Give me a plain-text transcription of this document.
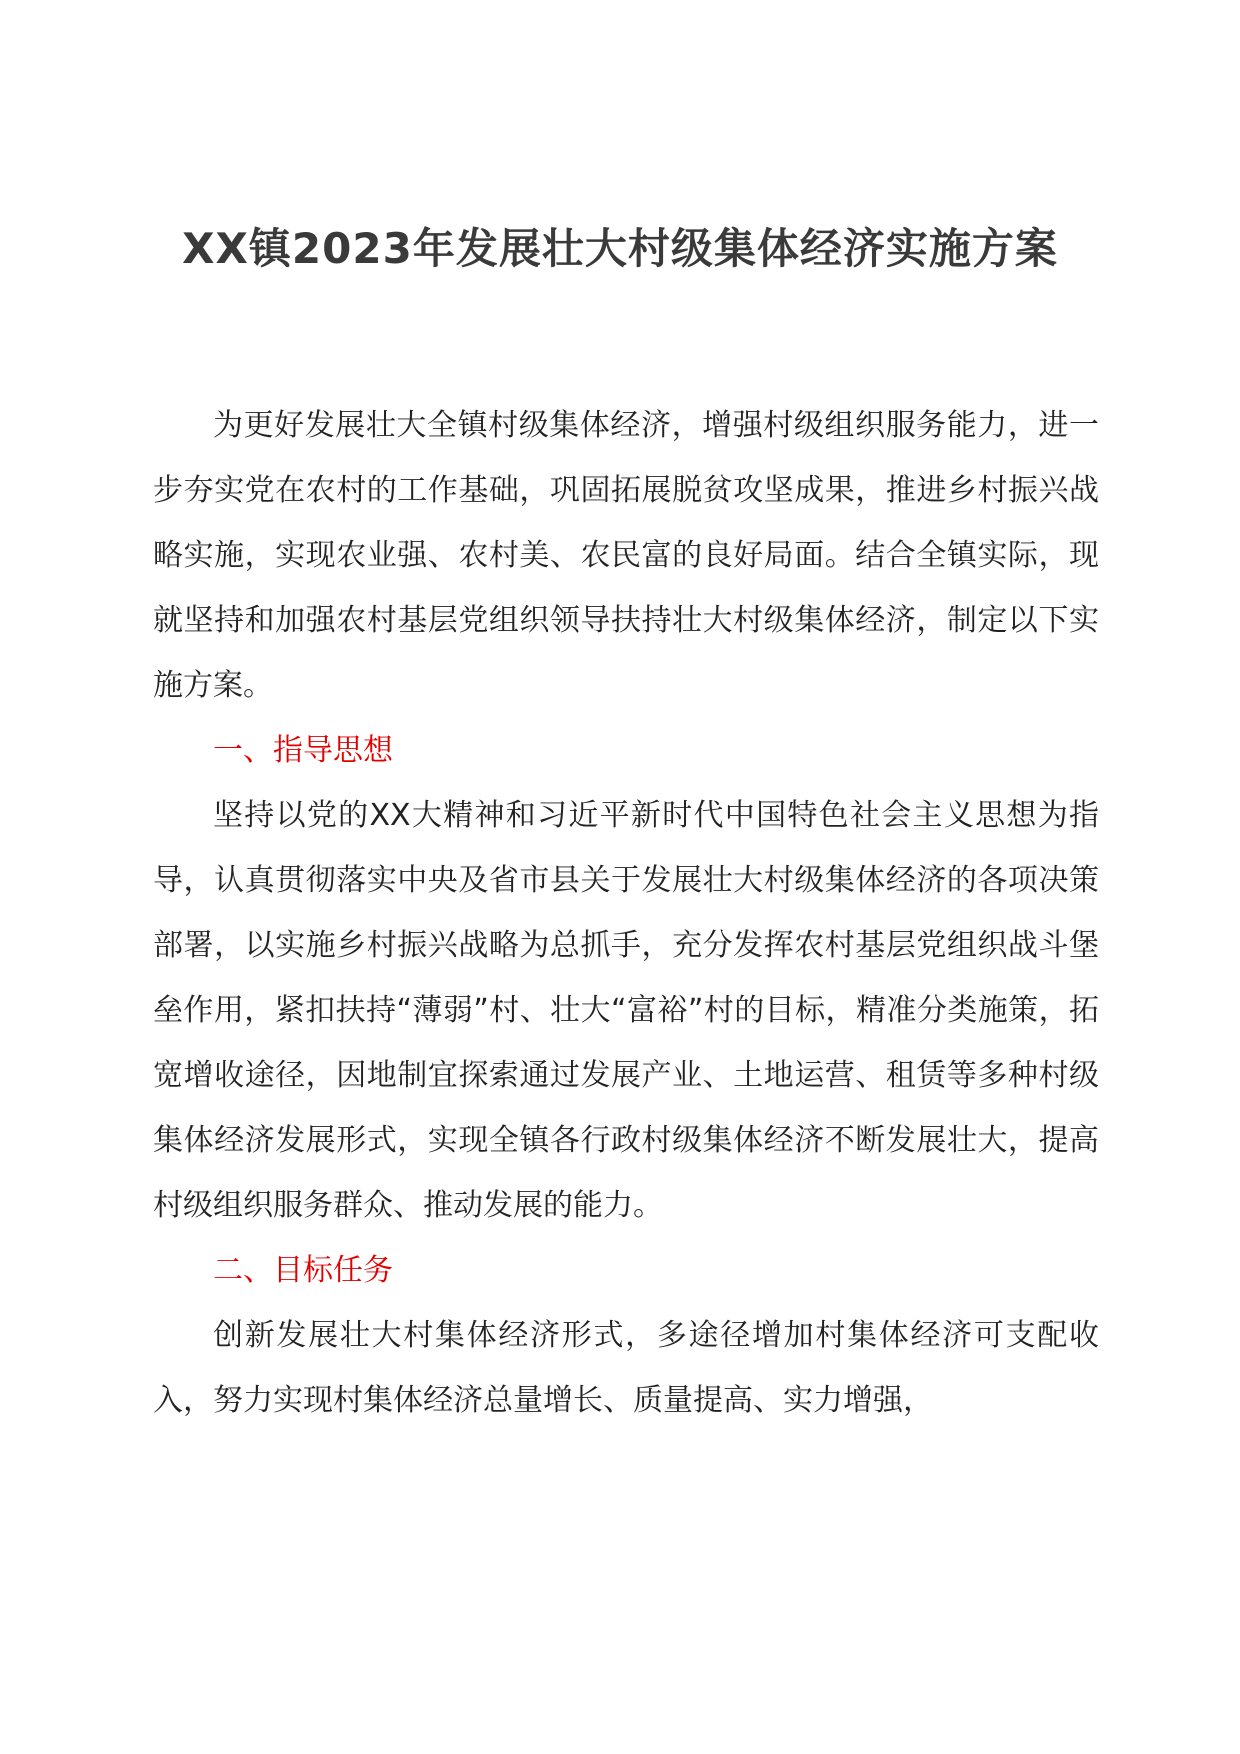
XX镇2023年发展壮大村级集体经济实施方案

为更好发展壮大全镇村级集体经济，增强村级组织服务能力，进一步夯实党在农村的工作基础，巩固拓展脱贫攻坚成果，推进乡村振兴战略实施，实现农业强、农村美、农民富的良好局面。结合全镇实际，现就坚持和加强农村基层党组织领导扶持壮大村级集体经济，制定以下实施方案。

一、指导思想

坚持以党的XX大精神和习近平新时代中国特色社会主义思想为指导，认真贯彻落实中央及省市县关于发展壮大村级集体经济的各项决策部署，以实施乡村振兴战略为总抓手，充分发挥农村基层党组织战斗堡垒作用，紧扣扶持“薄弱”村、壮大“富裕”村的目标，精准分类施策，拓宽增收途径，因地制宜探索通过发展产业、土地运营、租赁等多种村级集体经济发展形式，实现全镇各行政村级集体经济不断发展壮大，提高村级组织服务群众、推动发展的能力。

二、目标任务

创新发展壮大村集体经济形式，多途径增加村集体经济可支配收入，努力实现村集体经济总量增长、质量提高、实力增强，
